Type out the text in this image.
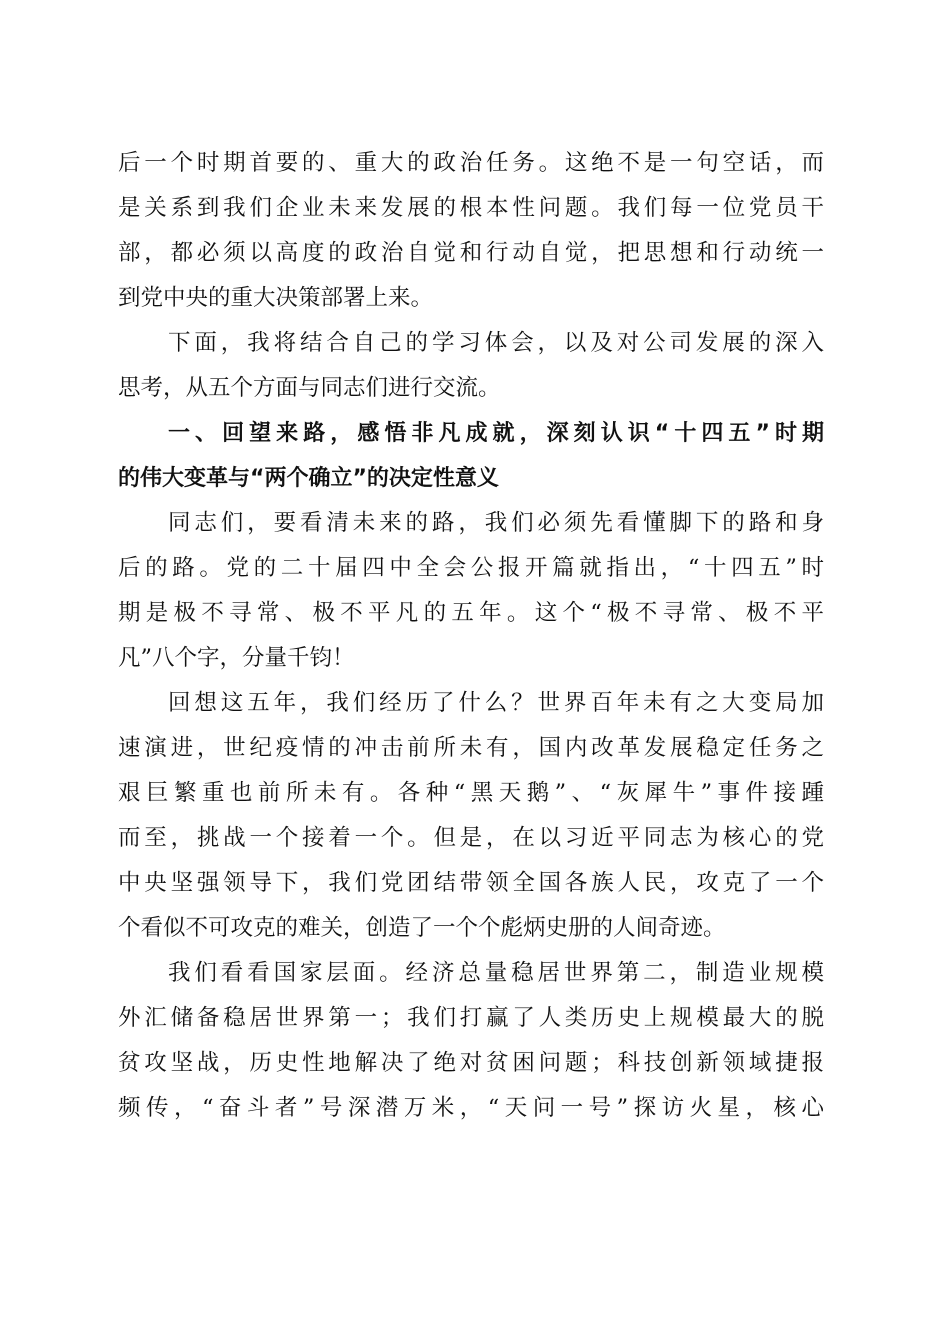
后一个时期首要的、重大的政治任务。这绝不是一句空话，而
是关系到我们企业未来发展的根本性问题。我们每一位党员干
部，都必须以高度的政治自觉和行动自觉，把思想和行动统一
到党中央的重大决策部署上来。
下面，我将结合自己的学习体会，以及对公司发展的深入
思考，从五个方面与同志们进行交流。
一、回望来路，感悟非凡成就，深刻认识“十四五”时期
的伟大变革与“两个确立”的决定性意义
同志们，要看清未来的路，我们必须先看懂脚下的路和身
后的路。党的二十届四中全会公报开篇就指出，“十四五”时
期是极不寻常、极不平凡的五年。这个“极不寻常、极不平
凡”八个字，分量千钧！
回想这五年，我们经历了什么？世界百年未有之大变局加
速演进，世纪疫情的冲击前所未有，国内改革发展稳定任务之
艰巨繁重也前所未有。各种“黑天鹅”、“灰犀牛”事件接踵
而至，挑战一个接着一个。但是，在以习近平同志为核心的党
中央坚强领导下，我们党团结带领全国各族人民，攻克了一个
个看似不可攻克的难关，创造了一个个彪炳史册的人间奇迹。
我们看看国家层面。经济总量稳居世界第二，制造业规模
外汇储备稳居世界第一；我们打赢了人类历史上规模最大的脱
贫攻坚战，历史性地解决了绝对贫困问题；科技创新领域捷报
频传，“奋斗者”号深潜万米，“天问一号”探访火星，核心
